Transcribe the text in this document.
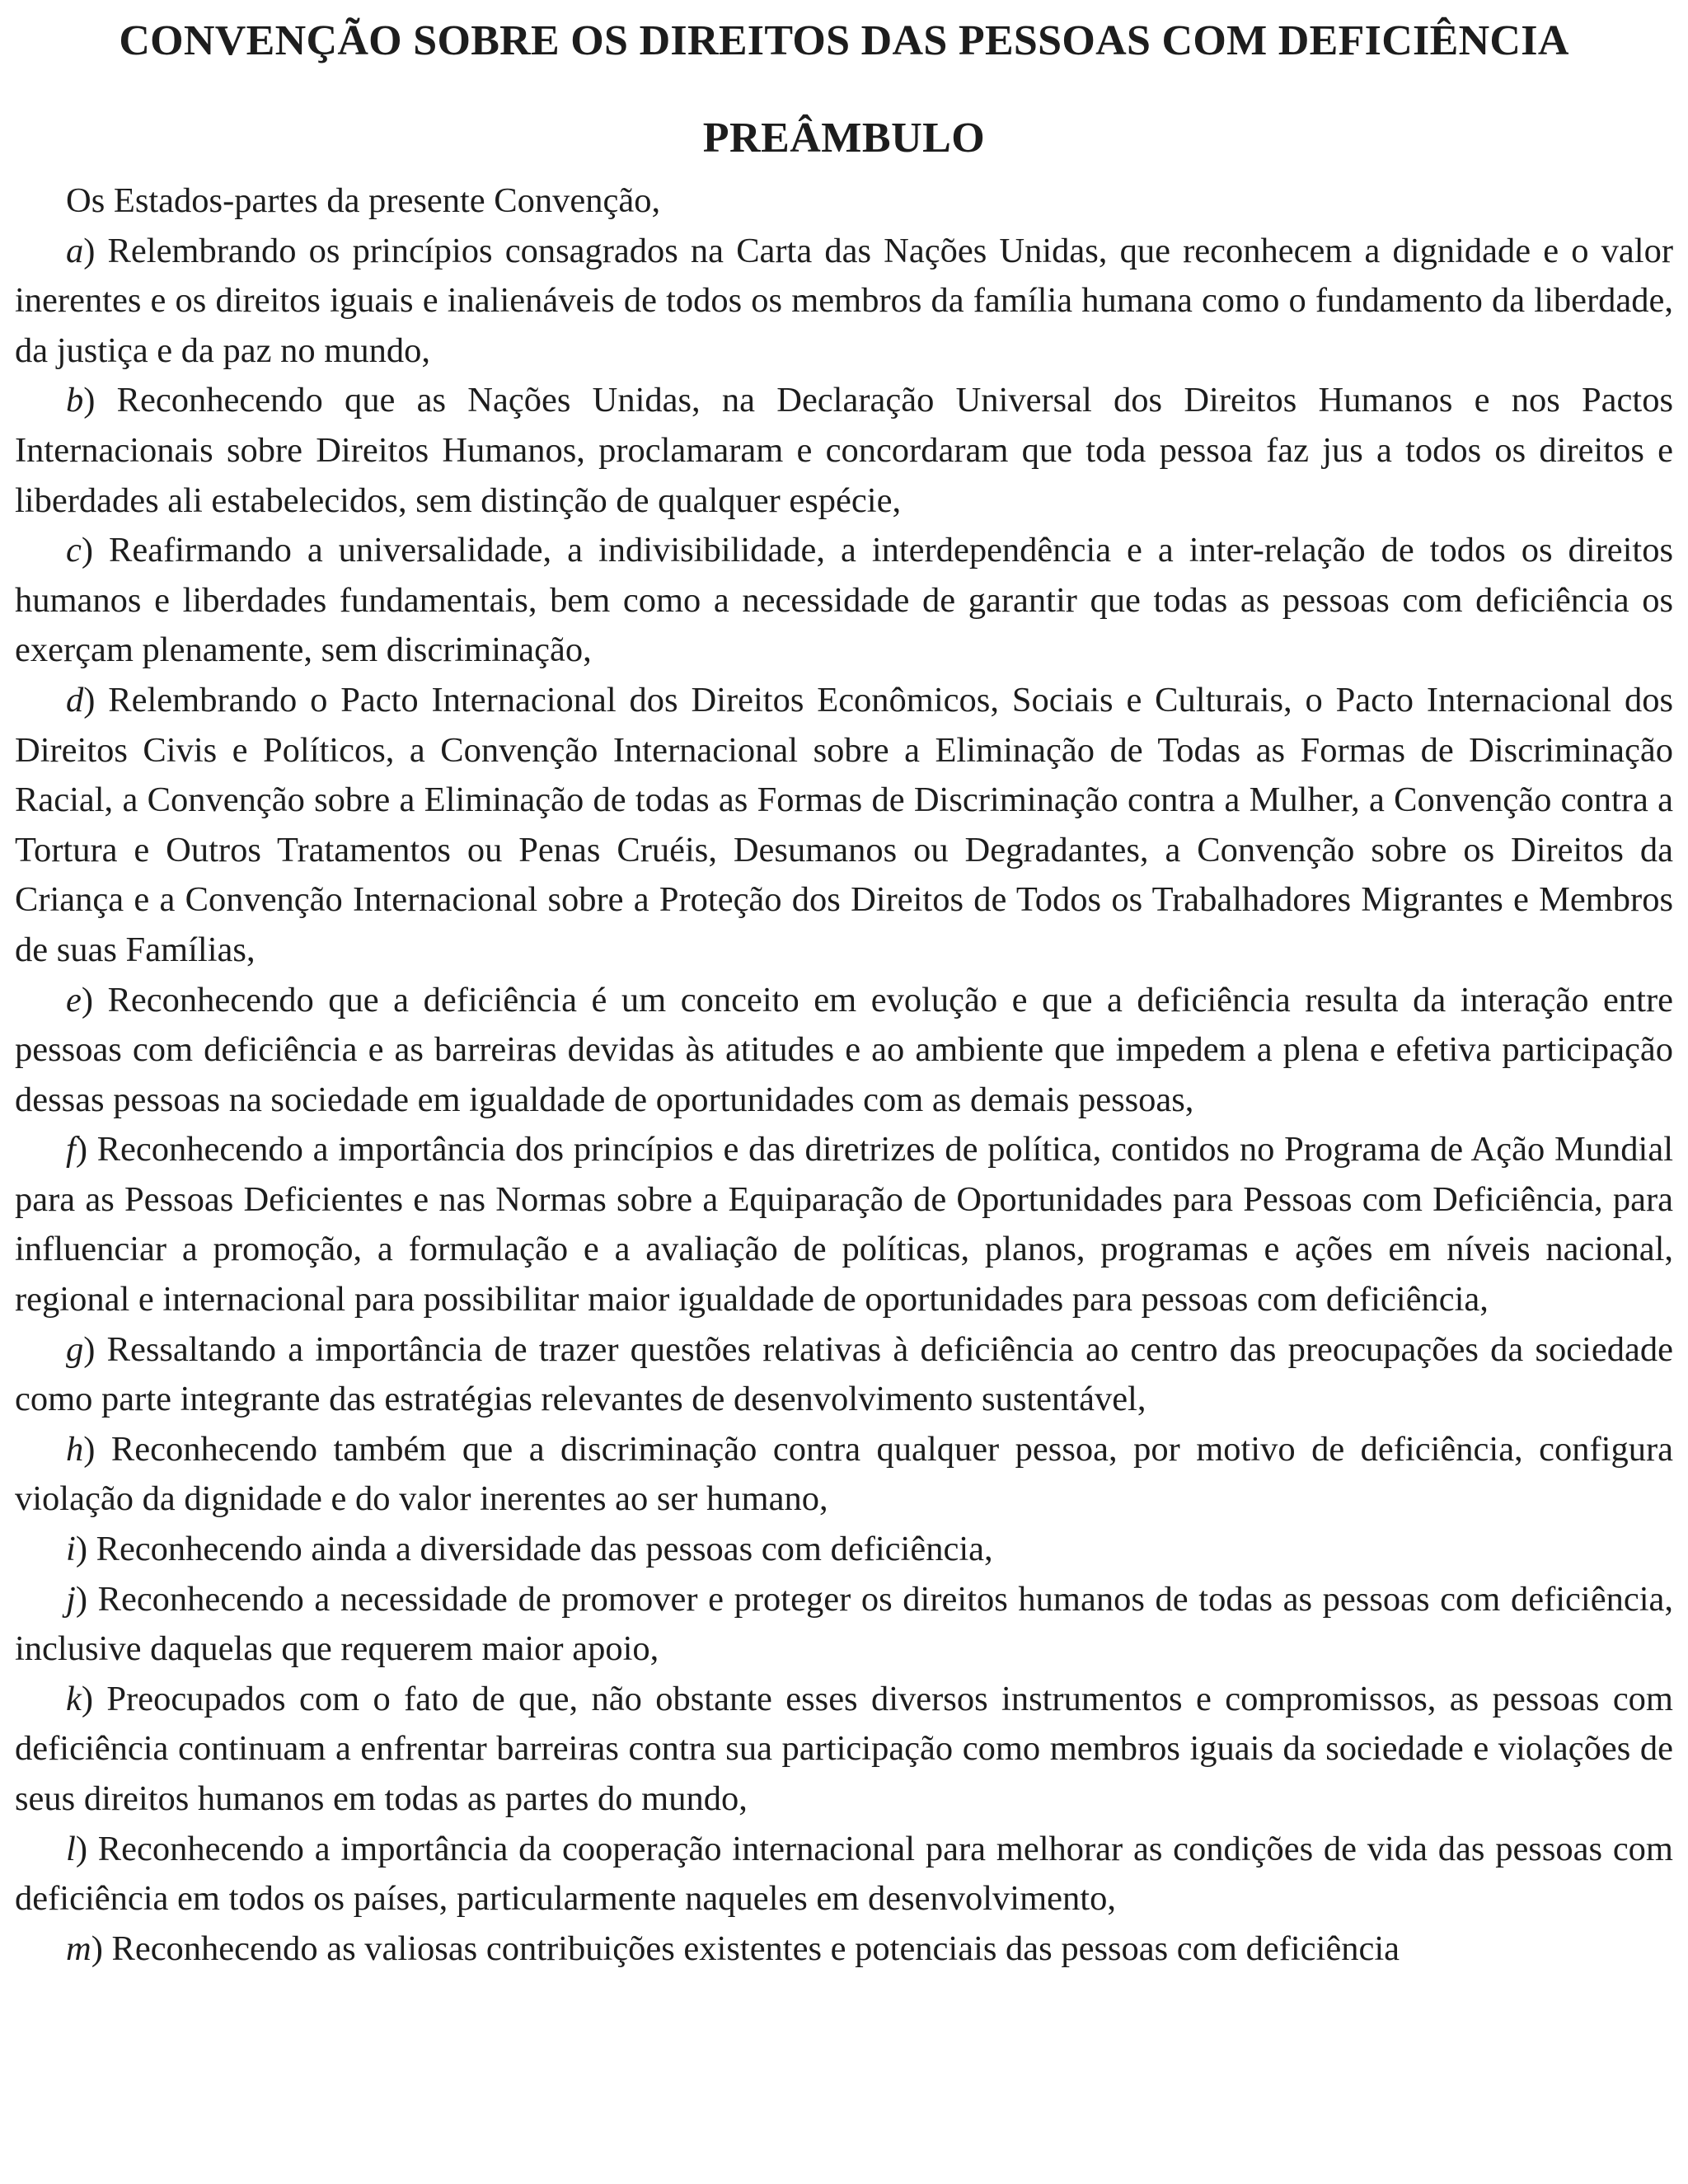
CONVENÇÃO SOBRE OS DIREITOS DAS PESSOAS COM DEFICIÊNCIA
PREÂMBULO

Os Estados-partes da presente Convenção,

a) Relembrando os princípios consagrados na Carta das Nações Unidas, que reconhecem a dignidade e o valor inerentes e os direitos iguais e inalienáveis de todos os membros da família humana como o fundamento da liberdade, da justiça e da paz no mundo,

b) Reconhecendo que as Nações Unidas, na Declaração Universal dos Direitos Humanos e nos Pactos Internacionais sobre Direitos Humanos, proclamaram e concordaram que toda pessoa faz jus a todos os direitos e liberdades ali estabelecidos, sem distinção de qualquer espécie,

c) Reafirmando a universalidade, a indivisibilidade, a interdependência e a inter-relação de todos os direitos humanos e liberdades fundamentais, bem como a necessidade de garantir que todas as pessoas com deficiência os exerçam plenamente, sem discriminação,

d) Relembrando o Pacto Internacional dos Direitos Econômicos, Sociais e Culturais, o Pacto Internacional dos Direitos Civis e Políticos, a Convenção Internacional sobre a Eliminação de Todas as Formas de Discriminação Racial, a Convenção sobre a Eliminação de todas as Formas de Discriminação contra a Mulher, a Convenção contra a Tortura e Outros Tratamentos ou Penas Cruéis, Desumanos ou Degradantes, a Convenção sobre os Direitos da Criança e a Convenção Internacional sobre a Proteção dos Direitos de Todos os Trabalhadores Migrantes e Membros de suas Famílias,

e) Reconhecendo que a deficiência é um conceito em evolução e que a deficiência resulta da interação entre pessoas com deficiência e as barreiras devidas às atitudes e ao ambiente que impedem a plena e efetiva participação dessas pessoas na sociedade em igualdade de oportunidades com as demais pessoas,

f) Reconhecendo a importância dos princípios e das diretrizes de política, contidos no Programa de Ação Mundial para as Pessoas Deficientes e nas Normas sobre a Equiparação de Oportunidades para Pessoas com Deficiência, para influenciar a promoção, a formulação e a avaliação de políticas, planos, programas e ações em níveis nacional, regional e internacional para possibilitar maior igualdade de oportunidades para pessoas com deficiência,

g) Ressaltando a importância de trazer questões relativas à deficiência ao centro das preocupações da sociedade como parte integrante das estratégias relevantes de desenvolvimento sustentável,

h) Reconhecendo também que a discriminação contra qualquer pessoa, por motivo de deficiência, configura violação da dignidade e do valor inerentes ao ser humano,

i) Reconhecendo ainda a diversidade das pessoas com deficiência,

j) Reconhecendo a necessidade de promover e proteger os direitos humanos de todas as pessoas com deficiência, inclusive daquelas que requerem maior apoio,

k) Preocupados com o fato de que, não obstante esses diversos instrumentos e compromissos, as pessoas com deficiência continuam a enfrentar barreiras contra sua participação como membros iguais da sociedade e violações de seus direitos humanos em todas as partes do mundo,

l) Reconhecendo a importância da cooperação internacional para melhorar as condições de vida das pessoas com deficiência em todos os países, particularmente naqueles em desenvolvimento,

m) Reconhecendo as valiosas contribuições existentes e potenciais das pessoas com deficiência
